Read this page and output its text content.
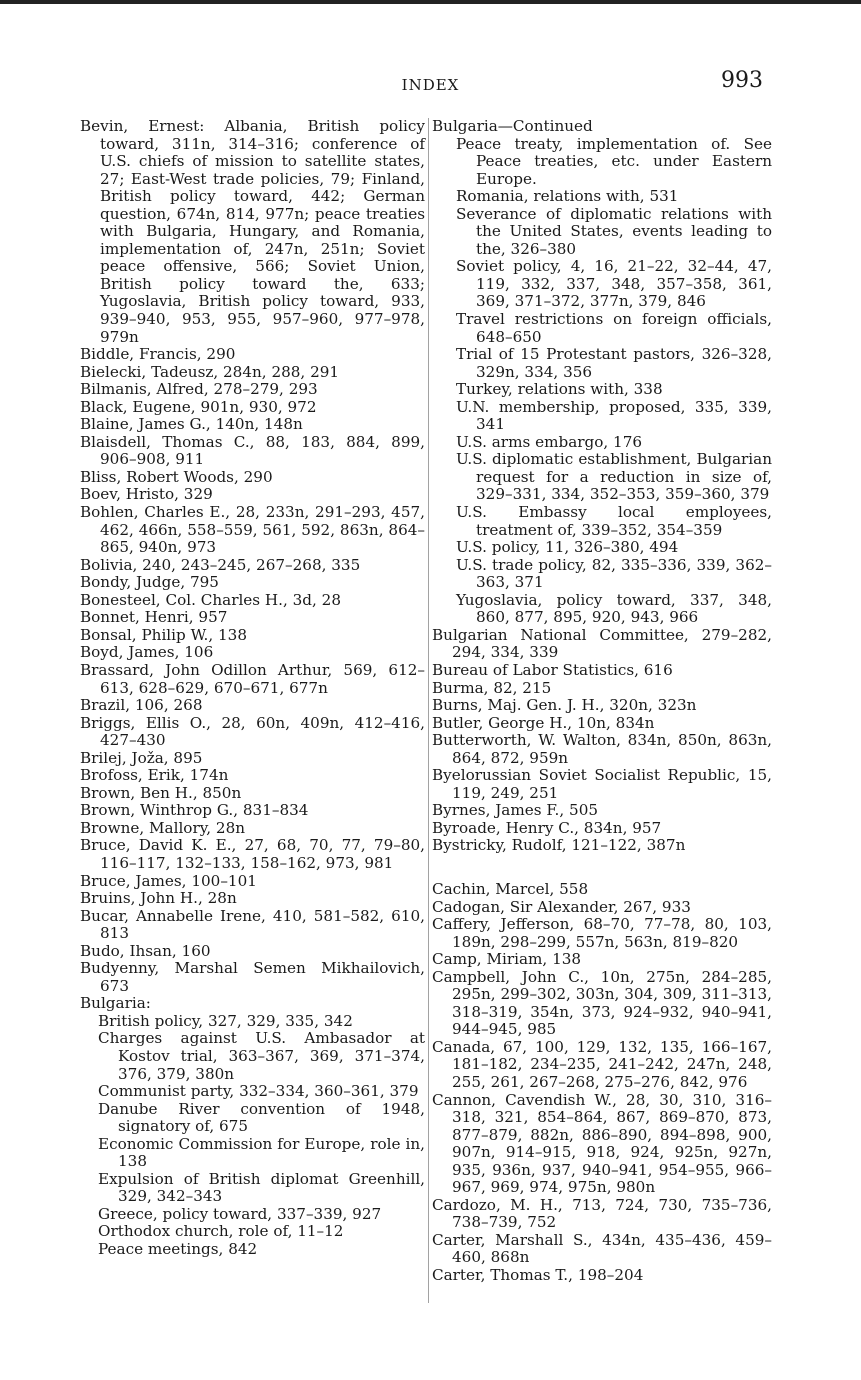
INDEX	993
Bevin, Ernest: Albania, British policy toward, 311n, 314–316; conference of U.S. chiefs of mission to satellite states, 27; East-West trade policies, 79; Finland, British policy toward, 442; German question, 674n, 814, 977n; peace treaties with Bulgaria, Hungary, and Romania, implementation of, 247n, 251n; Soviet peace offensive, 566; Soviet Union, British policy toward the, 633; Yugoslavia, British policy toward, 933, 939–940, 953, 955, 957–960, 977–978, 979n
Biddle, Francis, 290
Bielecki, Tadeusz, 284n, 288, 291
Bilmanis, Alfred, 278–279, 293
Black, Eugene, 901n, 930, 972
Blaine, James G., 140n, 148n
Blaisdell, Thomas C., 88, 183, 884, 899, 906–908, 911
Bliss, Robert Woods, 290
Boev, Hristo, 329
Bohlen, Charles E., 28, 233n, 291–293, 457, 462, 466n, 558–559, 561, 592, 863n, 864–865, 940n, 973
Bolivia, 240, 243–245, 267–268, 335
Bondy, Judge, 795
Bonesteel, Col. Charles H., 3d, 28
Bonnet, Henri, 957
Bonsal, Philip W., 138
Boyd, James, 106
Brassard, John Odillon Arthur, 569, 612–613, 628–629, 670–671, 677n
Brazil, 106, 268
Briggs, Ellis O., 28, 60n, 409n, 412–416, 427–430
Brilej, Joža, 895
Brofoss, Erik, 174n
Brown, Ben H., 850n
Brown, Winthrop G., 831–834
Browne, Mallory, 28n
Bruce, David K. E., 27, 68, 70, 77, 79–80, 116–117, 132–133, 158–162, 973, 981
Bruce, James, 100–101
Bruins, John H., 28n
Bucar, Annabelle Irene, 410, 581–582, 610, 813
Budo, Ihsan, 160
Budyenny, Marshal Semen Mikhailovich, 673
Bulgaria:
British policy, 327, 329, 335, 342
Charges against U.S. Ambasador at Kostov trial, 363–367, 369, 371–374, 376, 379, 380n
Communist party, 332–334, 360–361, 379
Danube River convention of 1948, signatory of, 675
Economic Commission for Europe, role in, 138
Expulsion of British diplomat Greenhill, 329, 342–343
Greece, policy toward, 337–339, 927
Orthodox church, role of, 11–12
Peace meetings, 842
Bulgaria—Continued
Peace treaty, implementation of. See Peace treaties, etc. under Eastern Europe.
Romania, relations with, 531
Severance of diplomatic relations with the United States, events leading to the, 326–380
Soviet policy, 4, 16, 21–22, 32–44, 47, 119, 332, 337, 348, 357–358, 361, 369, 371–372, 377n, 379, 846
Travel restrictions on foreign officials, 648–650
Trial of 15 Protestant pastors, 326–328, 329n, 334, 356
Turkey, relations with, 338
U.N. membership, proposed, 335, 339, 341
U.S. arms embargo, 176
U.S. diplomatic establishment, Bulgarian request for a reduction in size of, 329–331, 334, 352–353, 359–360, 379
U.S. Embassy local employees, treatment of, 339–352, 354–359
U.S. policy, 11, 326–380, 494
U.S. trade policy, 82, 335–336, 339, 362–363, 371
Yugoslavia, policy toward, 337, 348, 860, 877, 895, 920, 943, 966
Bulgarian National Committee, 279–282, 294, 334, 339
Bureau of Labor Statistics, 616
Burma, 82, 215
Burns, Maj. Gen. J. H., 320n, 323n
Butler, George H., 10n, 834n
Butterworth, W. Walton, 834n, 850n, 863n, 864, 872, 959n
Byelorussian Soviet Socialist Republic, 15, 119, 249, 251
Byrnes, James F., 505
Byroade, Henry C., 834n, 957
Bystricky, Rudolf, 121–122, 387n
Cachin, Marcel, 558
Cadogan, Sir Alexander, 267, 933
Caffery, Jefferson, 68–70, 77–78, 80, 103, 189n, 298–299, 557n, 563n, 819–820
Camp, Miriam, 138
Campbell, John C., 10n, 275n, 284–285, 295n, 299–302, 303n, 304, 309, 311–313, 318–319, 354n, 373, 924–932, 940–941, 944–945, 985
Canada, 67, 100, 129, 132, 135, 166–167, 181–182, 234–235, 241–242, 247n, 248, 255, 261, 267–268, 275–276, 842, 976
Cannon, Cavendish W., 28, 30, 310, 316–318, 321, 854–864, 867, 869–870, 873, 877–879, 882n, 886–890, 894–898, 900, 907n, 914–915, 918, 924, 925n, 927n, 935, 936n, 937, 940–941, 954–955, 966–967, 969, 974, 975n, 980n
Cardozo, M. H., 713, 724, 730, 735–736, 738–739, 752
Carter, Marshall S., 434n, 435–436, 459–460, 868n
Carter, Thomas T., 198–204
